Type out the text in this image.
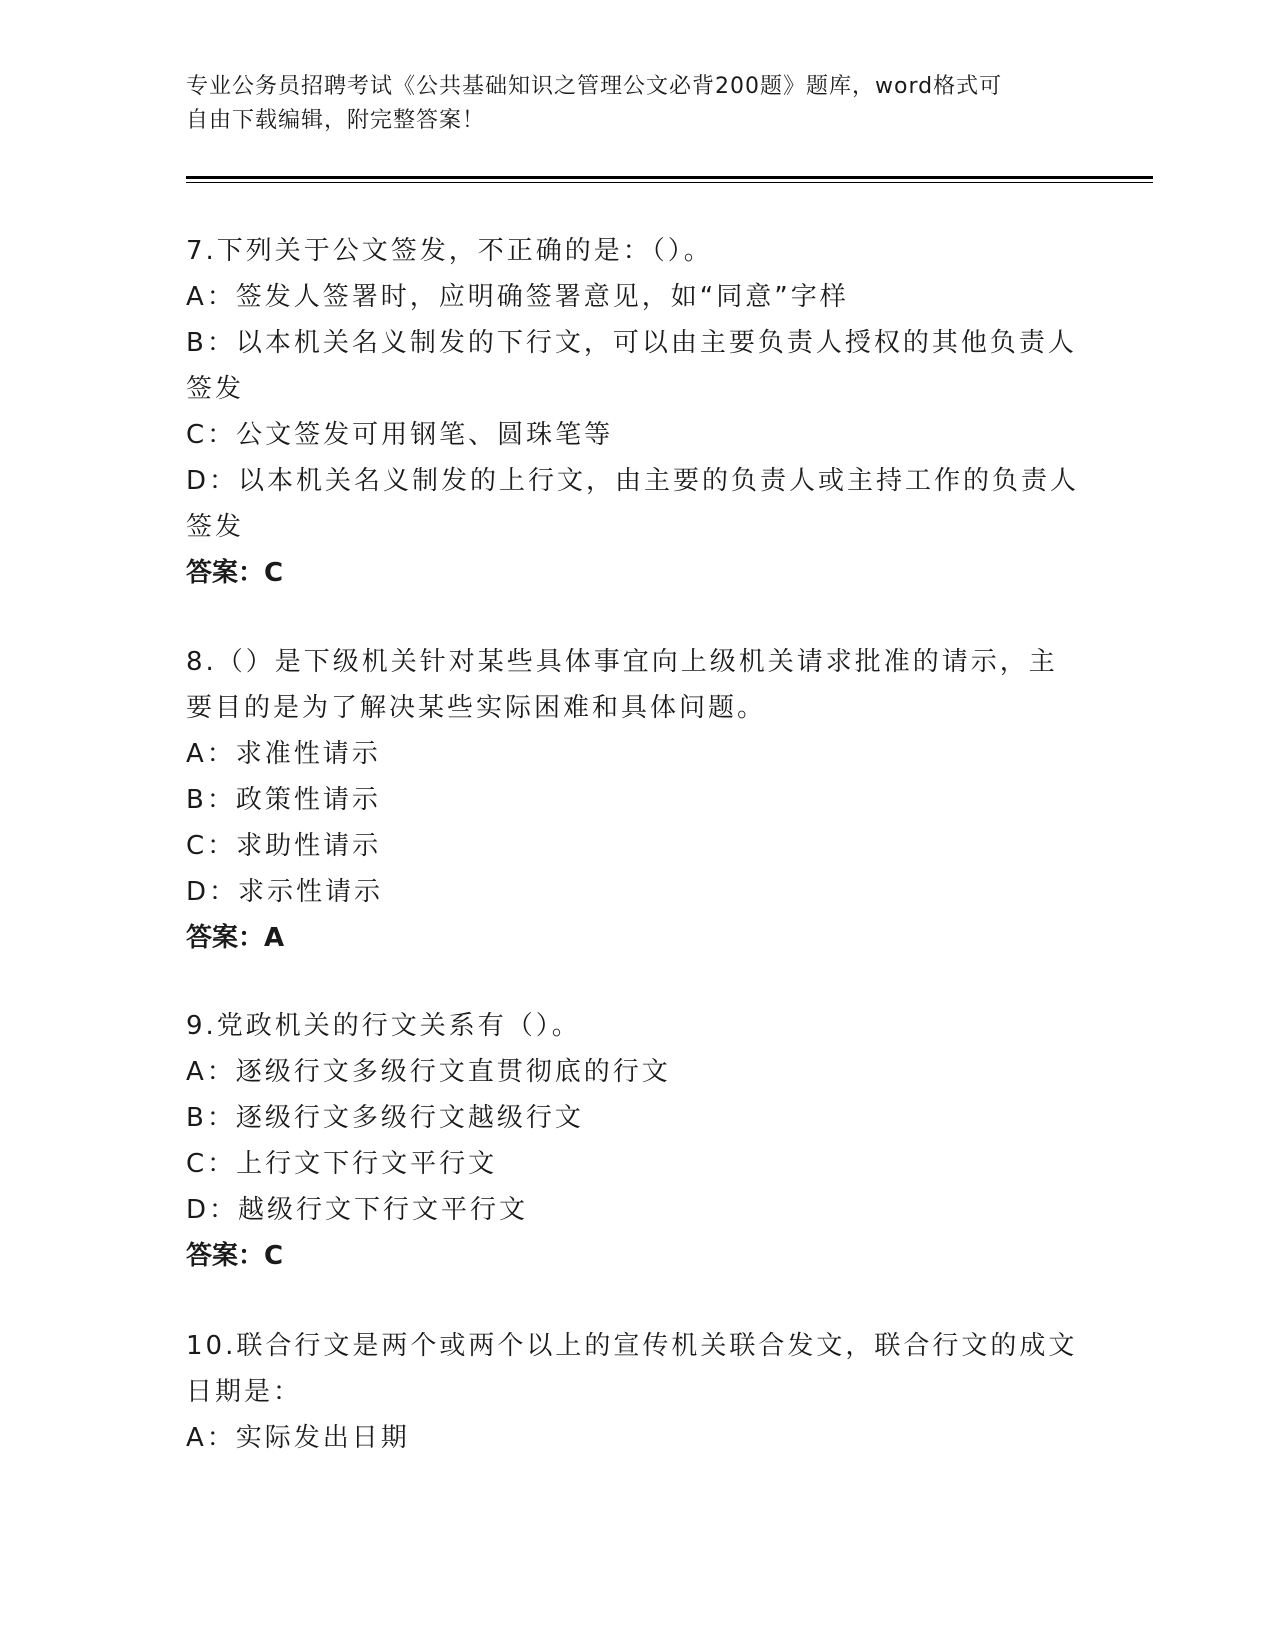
专业公务员招聘考试《公共基础知识之管理公文必背200题》题库，word格式可
自由下载编辑，附完整答案！
7.下列关于公文签发，不正确的是：（）。
A：签发人签署时，应明确签署意见，如“同意”字样
B：以本机关名义制发的下行文，可以由主要负责人授权的其他负责人
签发
C：公文签发可用钢笔、圆珠笔等
D：以本机关名义制发的上行文，由主要的负责人或主持工作的负责人
签发
答案：C
8.（）是下级机关针对某些具体事宜向上级机关请求批准的请示，主
要目的是为了解决某些实际困难和具体问题。
A：求准性请示
B：政策性请示
C：求助性请示
D：求示性请示
答案：A
9.党政机关的行文关系有（）。
A：逐级行文多级行文直贯彻底的行文
B：逐级行文多级行文越级行文
C：上行文下行文平行文
D：越级行文下行文平行文
答案：C
10.联合行文是两个或两个以上的宣传机关联合发文，联合行文的成文
日期是：
A：实际发出日期
